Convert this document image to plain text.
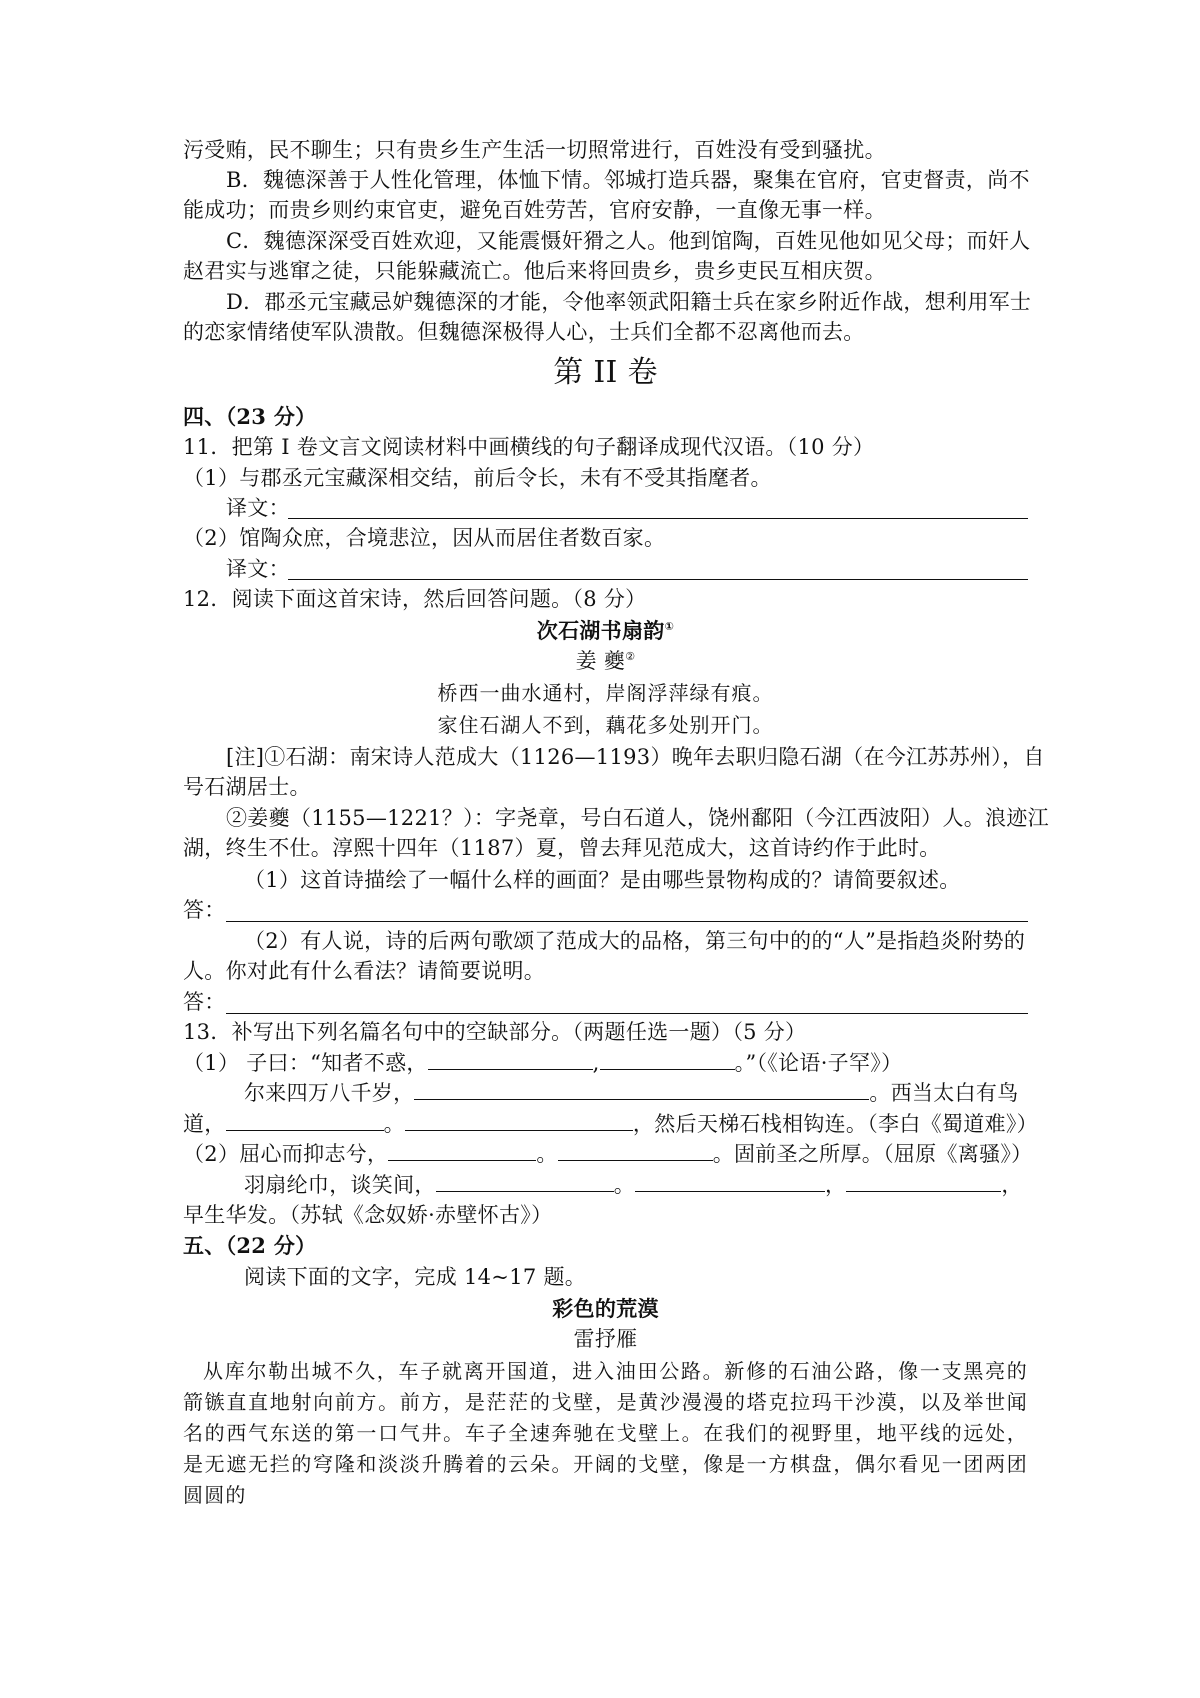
污受贿，民不聊生；只有贵乡生产生活一切照常进行，百姓没有受到骚扰。
B．魏德深善于人性化管理，体恤下情。邻城打造兵器，聚集在官府，官吏督责，尚不
能成功；而贵乡则约束官吏，避免百姓劳苦，官府安静，一直像无事一样。
C．魏德深深受百姓欢迎，又能震慑奸猾之人。他到馆陶，百姓见他如见父母；而奸人
赵君实与逃窜之徒，只能躲藏流亡。他后来将回贵乡，贵乡吏民互相庆贺。
D．郡丞元宝藏忌妒魏德深的才能，令他率领武阳籍士兵在家乡附近作战，想利用军士
的恋家情绪使军队溃散。但魏德深极得人心，士兵们全都不忍离他而去。
第 II 卷
四、（23 分）
11．把第 I 卷文言文阅读材料中画横线的句子翻译成现代汉语。（10 分）
（1）与郡丞元宝藏深相交结，前后令长，未有不受其指麾者。
译文：
（2）馆陶众庶，合境悲泣，因从而居住者数百家。
译文：
12．阅读下面这首宋诗，然后回答问题。（8 分）
次石湖书扇韵①
姜 夔②
桥西一曲水通村，岸阁浮萍绿有痕。
家住石湖人不到，藕花多处别开门。
[注]①石湖：南宋诗人范成大（1126—1193）晚年去职归隐石湖（在今江苏苏州），自
号石湖居士。
②姜夔（1155—1221？）：字尧章，号白石道人，饶州鄱阳（今江西波阳）人。浪迹江
湖，终生不仕。淳熙十四年（1187）夏，曾去拜见范成大，这首诗约作于此时。
（1）这首诗描绘了一幅什么样的画面？是由哪些景物构成的？请简要叙述。
答：
（2）有人说，诗的后两句歌颂了范成大的品格，第三句中的的“人”是指趋炎附势的
人。你对此有什么看法？请简要说明。
答：
13．补写出下列名篇名句中的空缺部分。（两题任选一题）（5 分）
（1） 子曰：“知者不惑，	,	。”（《论语·子罕》）
尔来四万八千岁，	。西当太白有鸟
道，	。	，然后天梯石栈相钩连。（李白《蜀道难》）
（2）屈心而抑志兮，	。	。固前圣之所厚。（屈原《离骚》）
羽扇纶巾，谈笑间，	。	，	，
早生华发。（苏轼《念奴娇·赤壁怀古》）
五、（22 分）
阅读下面的文字，完成 14~17 题。
彩色的荒漠
雷抒雁
从库尔勒出城不久，车子就离开国道，进入油田公路。新修的石油公路，像一支黑亮的箭镞直直地射向前方。前方，是茫茫的戈壁，是黄沙漫漫的塔克拉玛干沙漠，以及举世闻名的西气东送的第一口气井。车子全速奔驰在戈壁上。在我们的视野里，地平线的远处，是无遮无拦的穹隆和淡淡升腾着的云朵。开阔的戈壁，像是一方棋盘，偶尔看见一团两团圆圆的
